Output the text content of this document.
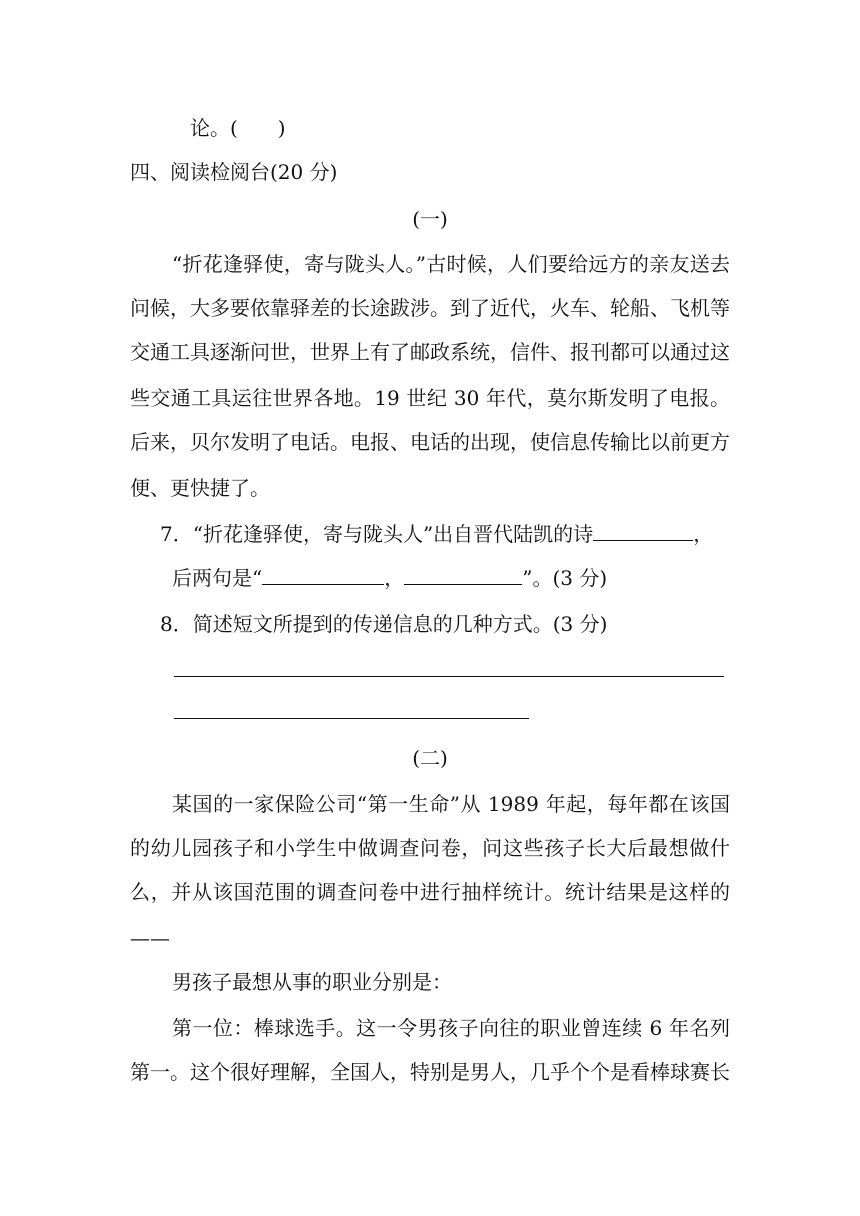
论。(　　)
四、阅读检阅台(20 分)
(一)
“折花逢驿使，寄与陇头人。”古时候，人们要给远方的亲友送去
问候，大多要依靠驿差的长途跋涉。到了近代，火车、轮船、飞机等
交通工具逐渐问世，世界上有了邮政系统，信件、报刊都可以通过这
些交通工具运往世界各地。19 世纪 30 年代，莫尔斯发明了电报。
后来，贝尔发明了电话。电报、电话的出现，使信息传输比以前更方
便、更快捷了。
7．“折花逢驿使，寄与陇头人”出自晋代陆凯的诗	，
后两句是“	，	”。(3 分)
8．简述短文所提到的传递信息的几种方式。(3 分)
(二)
某国的一家保险公司“第一生命”从 1989 年起，每年都在该国
的幼儿园孩子和小学生中做调查问卷，问这些孩子长大后最想做什
么，并从该国范围的调查问卷中进行抽样统计。统计结果是这样的
——
男孩子最想从事的职业分别是：
第一位：棒球选手。这一令男孩子向往的职业曾连续 6 年名列
第一。这个很好理解，全国人，特别是男人，几乎个个是看棒球赛长
